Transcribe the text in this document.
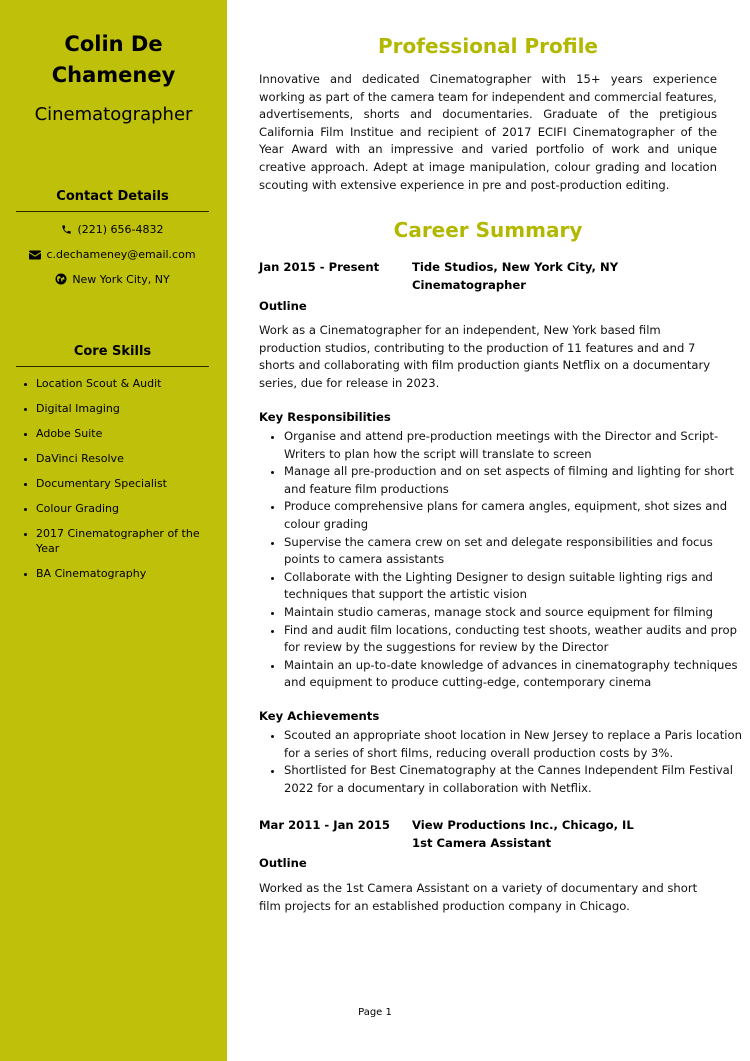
Colin De
Chameney
Cinematographer
Contact Details
(221) 656-4832
c.dechameney@email.com
New York City, NY
Core Skills
• Location Scout & Audit
• Digital Imaging
• Adobe Suite
• DaVinci Resolve
• Documentary Specialist
• Colour Grading
• 2017 Cinematographer of the Year
• BA Cinematography
Professional Profile

Innovative and dedicated Cinematographer with 15+ years experience working as part of the camera team for independent and commercial features, advertisements, shorts and documentaries. Graduate of the pretigious California Film Institue and recipient of 2017 ECIFI Cinematographer of the Year Award with an impressive and varied portfolio of work and unique creative approach. Adept at image manipulation, colour grading and location scouting with extensive experience in pre and post-production editing.

Career Summary
Jan 2015 - Present	Tide Studios, New York City, NY
Cinematographer
Outline

Work as a Cinematographer for an independent, New York based film production studios, contributing to the production of 11 features and and 7 shorts and collaborating with film production giants Netflix on a documentary series, due for release in 2023.

Key Responsibilities
• Organise and attend pre-production meetings with the Director and Script-Writers to plan how the script will translate to screen
• Manage all pre-production and on set aspects of filming and lighting for short and feature film productions
• Produce comprehensive plans for camera angles, equipment, shot sizes and colour grading
• Supervise the camera crew on set and delegate responsibilities and focus points to camera assistants
• Collaborate with the Lighting Designer to design suitable lighting rigs and techniques that support the artistic vision
• Maintain studio cameras, manage stock and source equipment for filming
• Find and audit film locations, conducting test shoots, weather audits and prop for review by the suggestions for review by the Director
• Maintain an up-to-date knowledge of advances in cinematography techniques and equipment to produce cutting-edge, contemporary cinema
Key Achievements
• Scouted an appropriate shoot location in New Jersey to replace a Paris location for a series of short films, reducing overall production costs by 3%.
• Shortlisted for Best Cinematography at the Cannes Independent Film Festival 2022 for a documentary in collaboration with Netflix.
Mar 2011 - Jan 2015 View Productions Inc., Chicago, IL
1st Camera Assistant
Outline

Worked as the 1st Camera Assistant on a variety of documentary and short film projects for an established production company in Chicago.

Page 1
